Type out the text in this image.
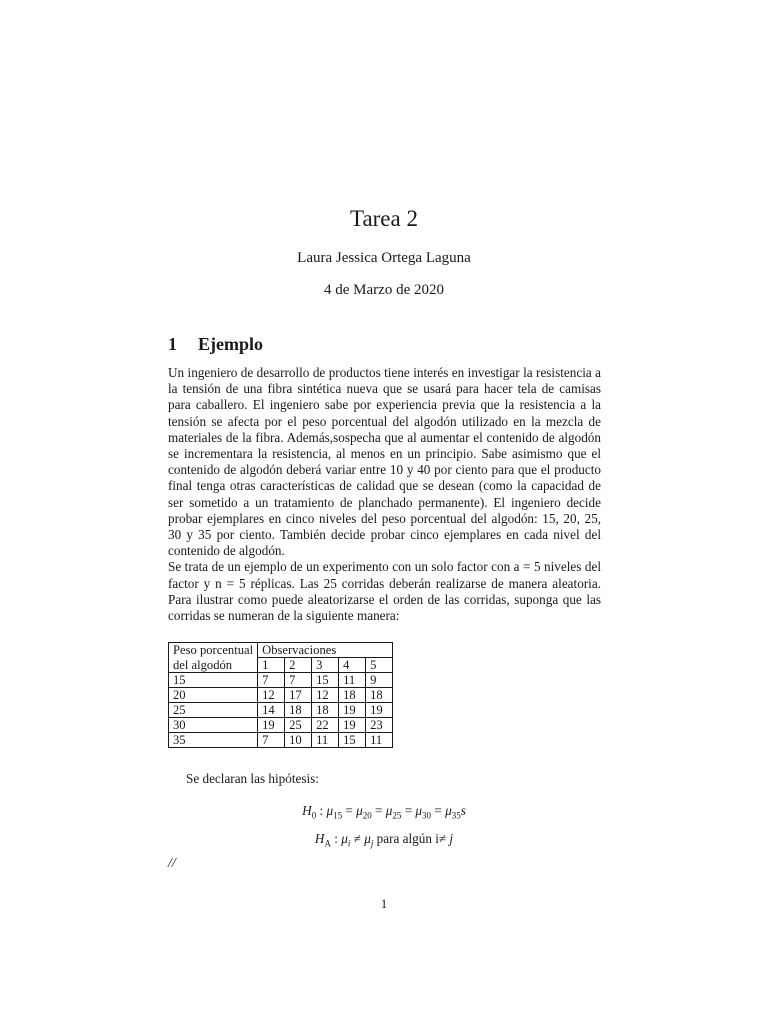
Tarea 2
Laura Jessica Ortega Laguna
4 de Marzo de 2020
1 Ejemplo

Un ingeniero de desarrollo de productos tiene interés en investigar la resistencia a la tensión de una fibra sintética nueva que se usará para hacer tela de camisas para caballero. El ingeniero sabe por experiencia previa que la resistencia a la tensión se afecta por el peso porcentual del algodón utilizado en la mezcla de materiales de la fibra. Además,sospecha que al aumentar el contenido de algodón se incrementara la resistencia, al menos en un principio. Sabe asimismo que el contenido de algodón deberá variar entre 10 y 40 por ciento para que el producto final tenga otras características de calidad que se desean (como la capacidad de ser sometido a un tratamiento de planchado permanente). El ingeniero decide probar ejemplares en cinco niveles del peso porcentual del algodón: 15, 20, 25, 30 y 35 por ciento. También decide probar cinco ejemplares en cada nivel del contenido de algodón.

Se trata de un ejemplo de un experimento con un solo factor con a = 5 niveles del factor y n = 5 réplicas. Las 25 corridas deberán realizarse de manera aleatoria. Para ilustrar como puede aleatorizarse el orden de las corridas, suponga que las corridas se numeran de la siguiente manera:

Peso porcentual	Observaciones				
del algodón	1	2	3	4	5
15	7	7	15	11	9
20	12	17	12	18	18
25	14	18	18	19	19
30	19	25	22	19	23
35	7	10	11	15	11
Se declaran las hipótesis:
$H_0$ : $\mu_{15} = \mu_{20} = \mu_{25} = \mu_{30} = \mu_{35}s$
$H_A$ : $\mu_i \ne \mu_j$ para algún i≠ j
//
1
